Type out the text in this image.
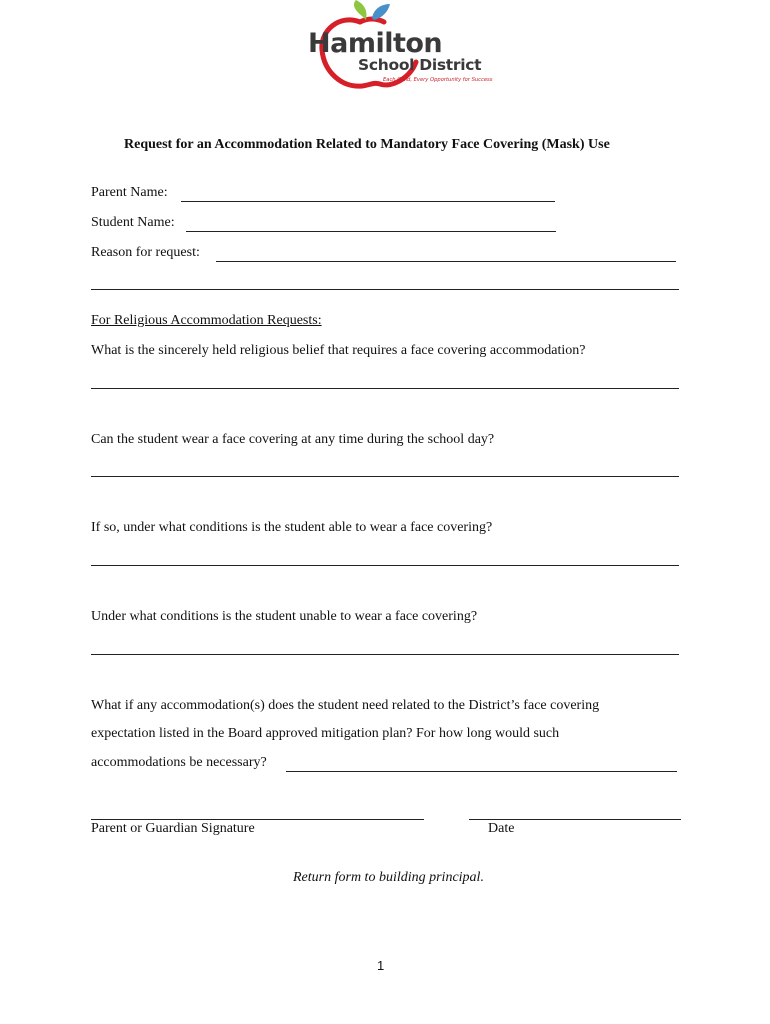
Hamilton
School District
Each Child, Every Opportunity for Success
Request for an Accommodation Related to Mandatory Face Covering (Mask) Use
Parent Name:
Student Name:
Reason for request:
For Religious Accommodation Requests:
What is the sincerely held religious belief that requires a face covering accommodation?
Can the student wear a face covering at any time during the school day?
If so, under what conditions is the student able to wear a face covering?
Under what conditions is the student unable to wear a face covering?
What if any accommodation(s) does the student need related to the District’s face covering
expectation listed in the Board approved mitigation plan? For how long would such
accommodations be necessary?
Parent or Guardian Signature	Date
Return form to building principal.
1
